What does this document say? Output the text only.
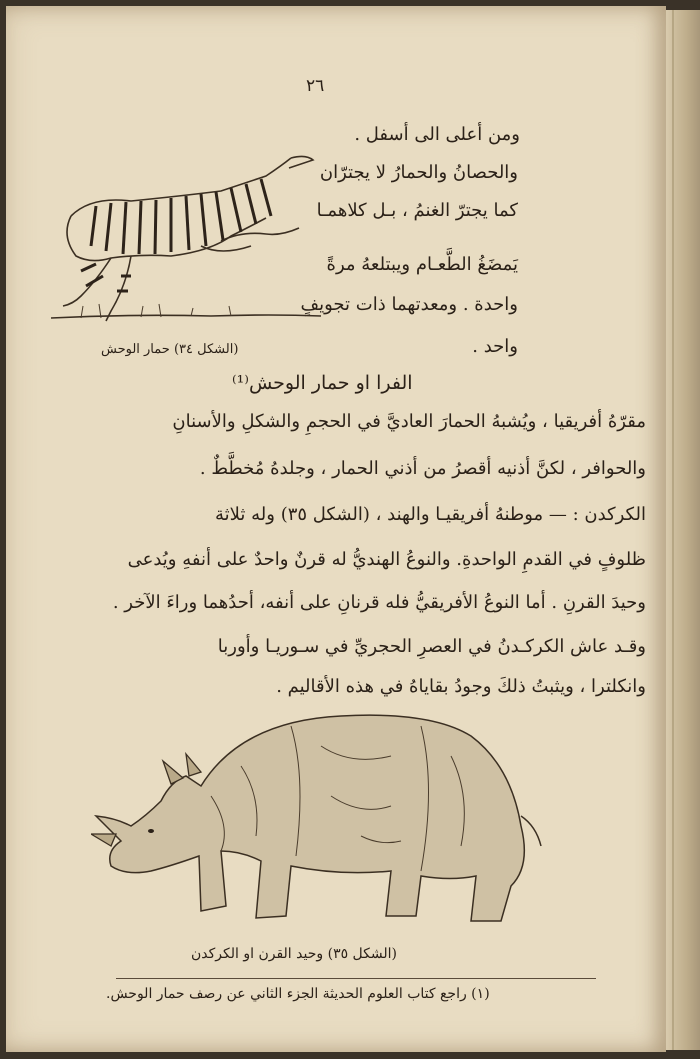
٢٦
ومن أعلى الى أسفل .
والحصانُ والحمارُ لا يجترّان
كما يجترّ الغنمُ ، بـل كلاهمـا
يَمضَغُ الطَّعـام ويبتلعهُ مرةً
واحدة . ومعدتهما ذات تجويفٍ
واحد .
(الشكل ٣٤) حمار الوحش
الفرا او حمار الوحش⁽¹⁾
مقرّهُ أفريقيا ، ويُشبهُ الحمارَ العاديَّ في الحجمِ والشكلِ والأسنانِ
والحوافر ، لكنَّ أذنيه أقصرُ من أذني الحمار ، وجلدهُ مُخطَّطٌ .
الكركدن : — موطنهُ أفريقيـا والهند ، (الشكل ٣٥) وله ثلاثة
ظلوفٍ في القدمِ الواحدةِ. والنوعُ الهنديُّ له قرنٌ واحدٌ على أنفهِ ويُدعى
وحيدَ القرنِ . أما النوعُ الأفريقيُّ فله قرنانِ على أنفه، أحدُهما وراءَ الآخر .
وقـد عاش الكركـدنُ في العصرِ الحجريِّ في سـوريـا وأوربا
وانكلترا ، ويثبتُ ذلكَ وجودُ بقاياهُ في هذه الأقاليم .
(الشكل ٣٥) وحيد القرن او الكركدن
(١) راجع كتاب العلوم الحديثة الجزء الثاني عن رصف حمار الوحش.
